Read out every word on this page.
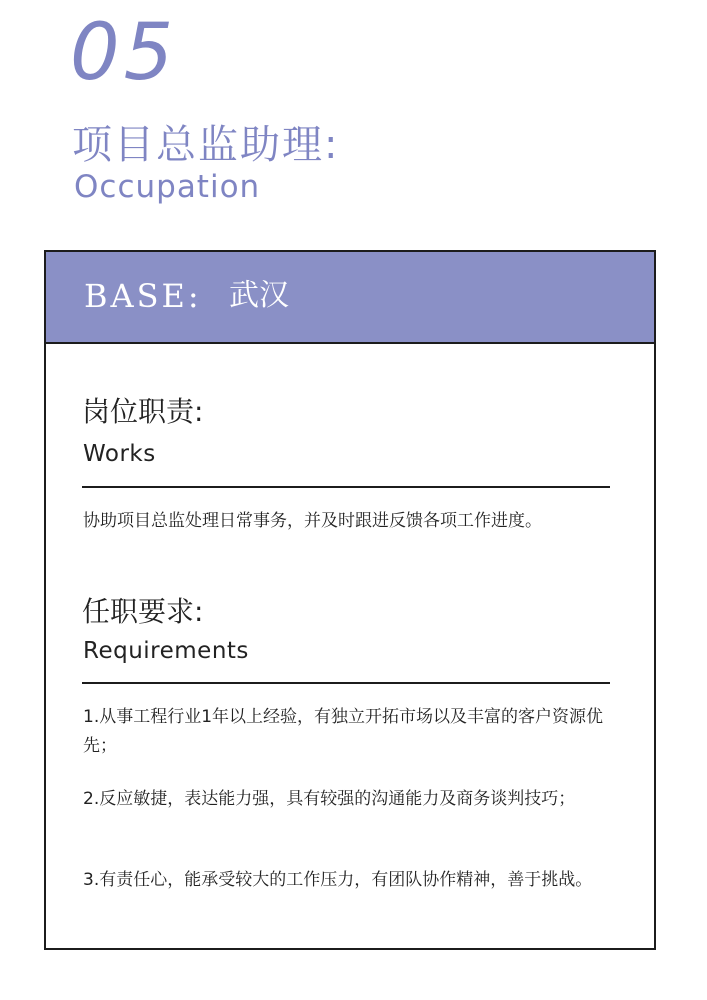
05
项目总监助理:
Occupation
BASE: 武汉
岗位职责:
Works
协助项目总监处理日常事务，并及时跟进反馈各项工作进度。
任职要求:
Requirements
1.从事工程行业1年以上经验，有独立开拓市场以及丰富的客户资源优先；
2.反应敏捷，表达能力强，具有较强的沟通能力及商务谈判技巧；
3.有责任心，能承受较大的工作压力，有团队协作精神，善于挑战。
